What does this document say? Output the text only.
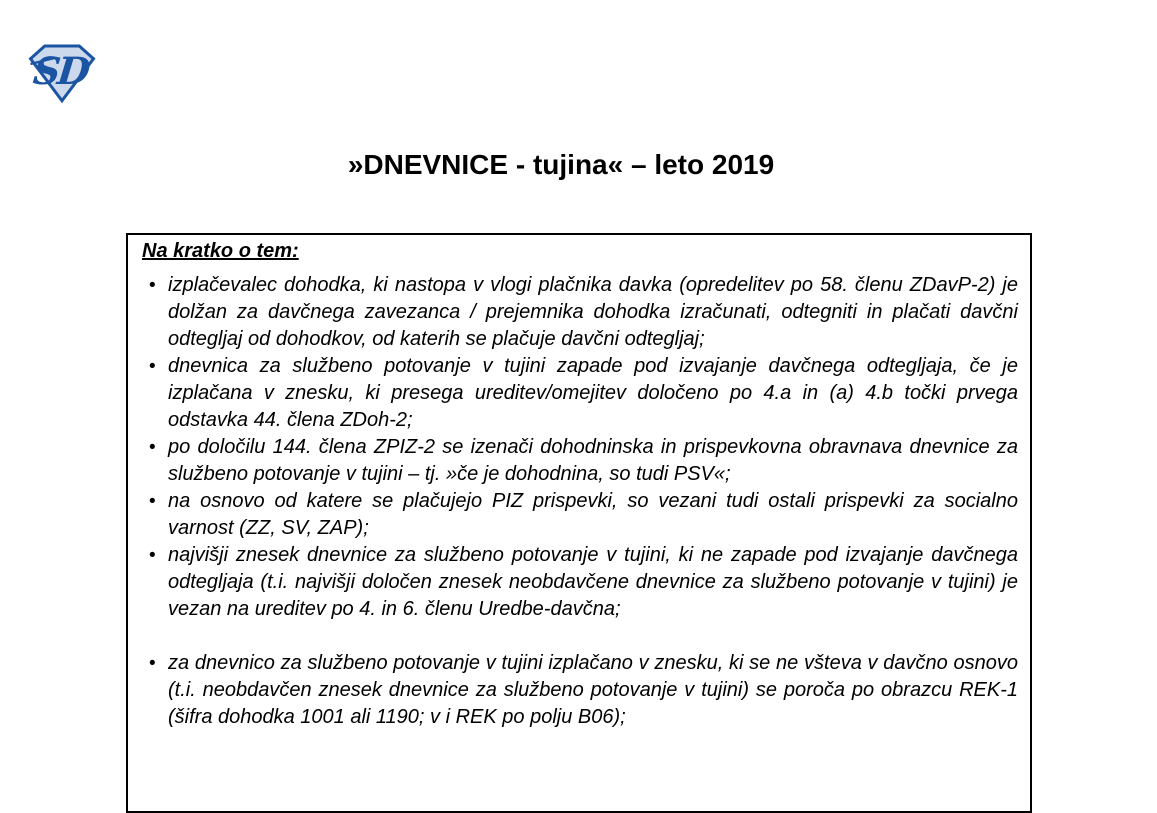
SD
»DNEVNICE - tujina« – leto 2019
Na kratko o tem:
• izplačevalec dohodka, ki nastopa v vlogi plačnika davka (opredelitev po 58. členu ZDavP-2) je dolžan za davčnega zavezanca / prejemnika dohodka izračunati, odtegniti in plačati davčni odtegljaj od dohodkov, od katerih se plačuje davčni odtegljaj;
• dnevnica za službeno potovanje v tujini zapade pod izvajanje davčnega odtegljaja, če je izplačana v znesku, ki presega ureditev/omejitev določeno po 4.a in (a) 4.b točki prvega odstavka 44. člena ZDoh-2;
• po določilu 144. člena ZPIZ-2 se izenači dohodninska in prispevkovna obravnava dnevnice za službeno potovanje v tujini – tj. »če je dohodnina, so tudi PSV«;
• na osnovo od katere se plačujejo PIZ prispevki, so vezani tudi ostali prispevki za socialno varnost (ZZ, SV, ZAP);
• najvišji znesek dnevnice za službeno potovanje v tujini, ki ne zapade pod izvajanje davčnega odtegljaja (t.i. najvišji določen znesek neobdavčene dnevnice za službeno potovanje v tujini) je vezan na ureditev po 4. in 6. členu Uredbe-davčna;
• za dnevnico za službeno potovanje v tujini izplačano v znesku, ki se ne všteva v davčno osnovo (t.i. neobdavčen znesek dnevnice za službeno potovanje v tujini) se poroča po obrazcu REK-1 (šifra dohodka 1001 ali 1190; v i REK po polju B06);
